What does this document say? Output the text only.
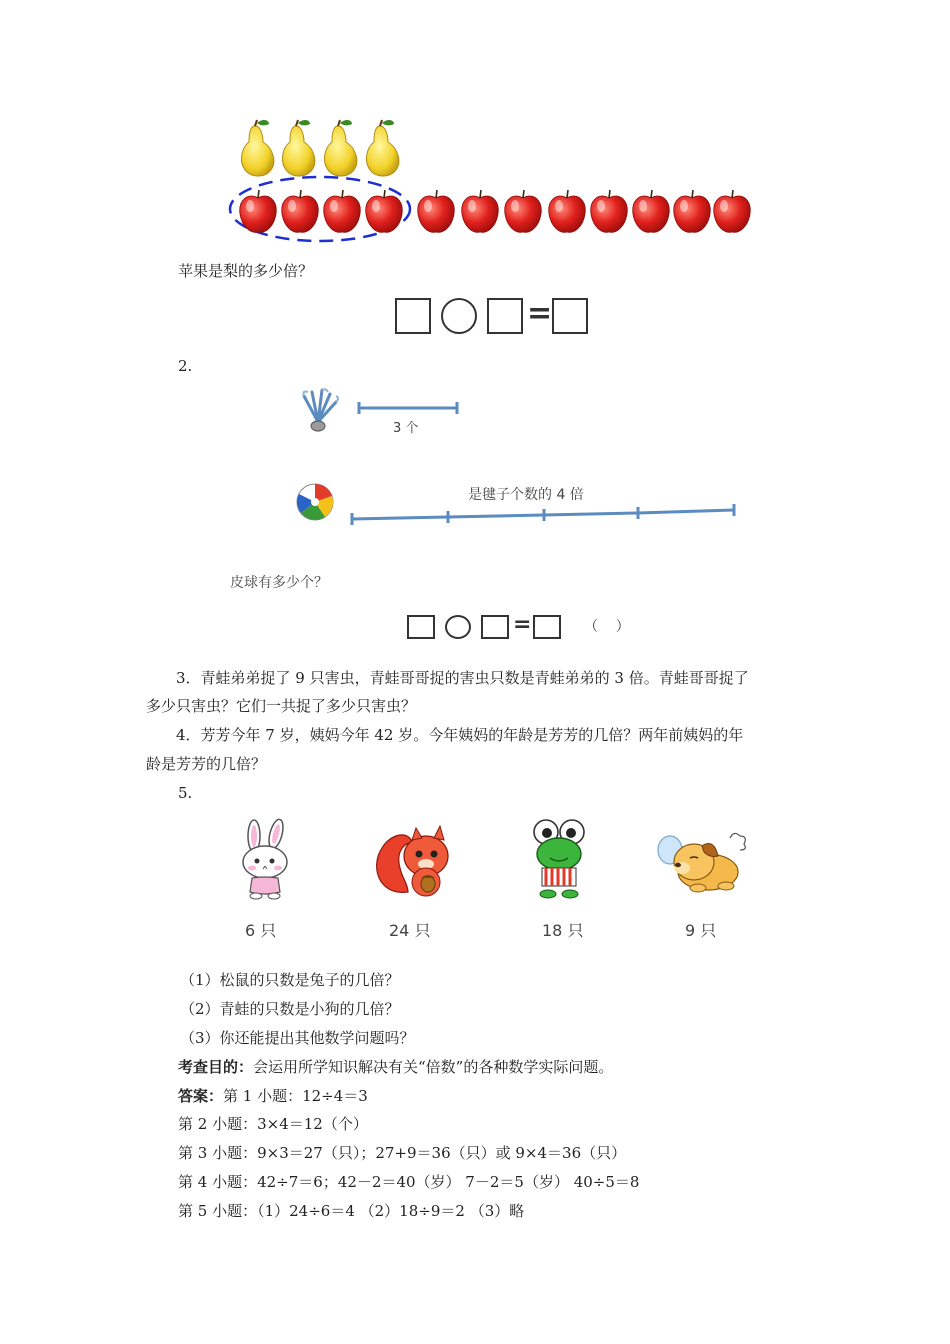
苹果是梨的多少倍？
=
2.
3 个
是毽子个数的 4 倍
皮球有多少个？
=	（    ）
3．青蛙弟弟捉了 9 只害虫，青蛙哥哥捉的害虫只数是青蛙弟弟的 3 倍。青蛙哥哥捉了
多少只害虫？它们一共捉了多少只害虫？
4．芳芳今年 7 岁，姨妈今年 42 岁。今年姨妈的年龄是芳芳的几倍？两年前姨妈的年
龄是芳芳的几倍？
5.
6 只	24 只	18 只	9 只
（1）松鼠的只数是兔子的几倍？
（2）青蛙的只数是小狗的几倍？
（3）你还能提出其他数学问题吗？
考查目的：会运用所学知识解决有关“倍数”的各种数学实际问题。
答案：第 1 小题：12÷4＝3
第 2 小题：3×4＝12（个）
第 3 小题：9×3＝27（只）；27+9＝36（只）或 9×4＝36（只）
第 4 小题：42÷7＝6；42－2＝40（岁） 7－2＝5（岁） 40÷5＝8
第 5 小题：（1）24÷6＝4 （2）18÷9＝2 （3）略
